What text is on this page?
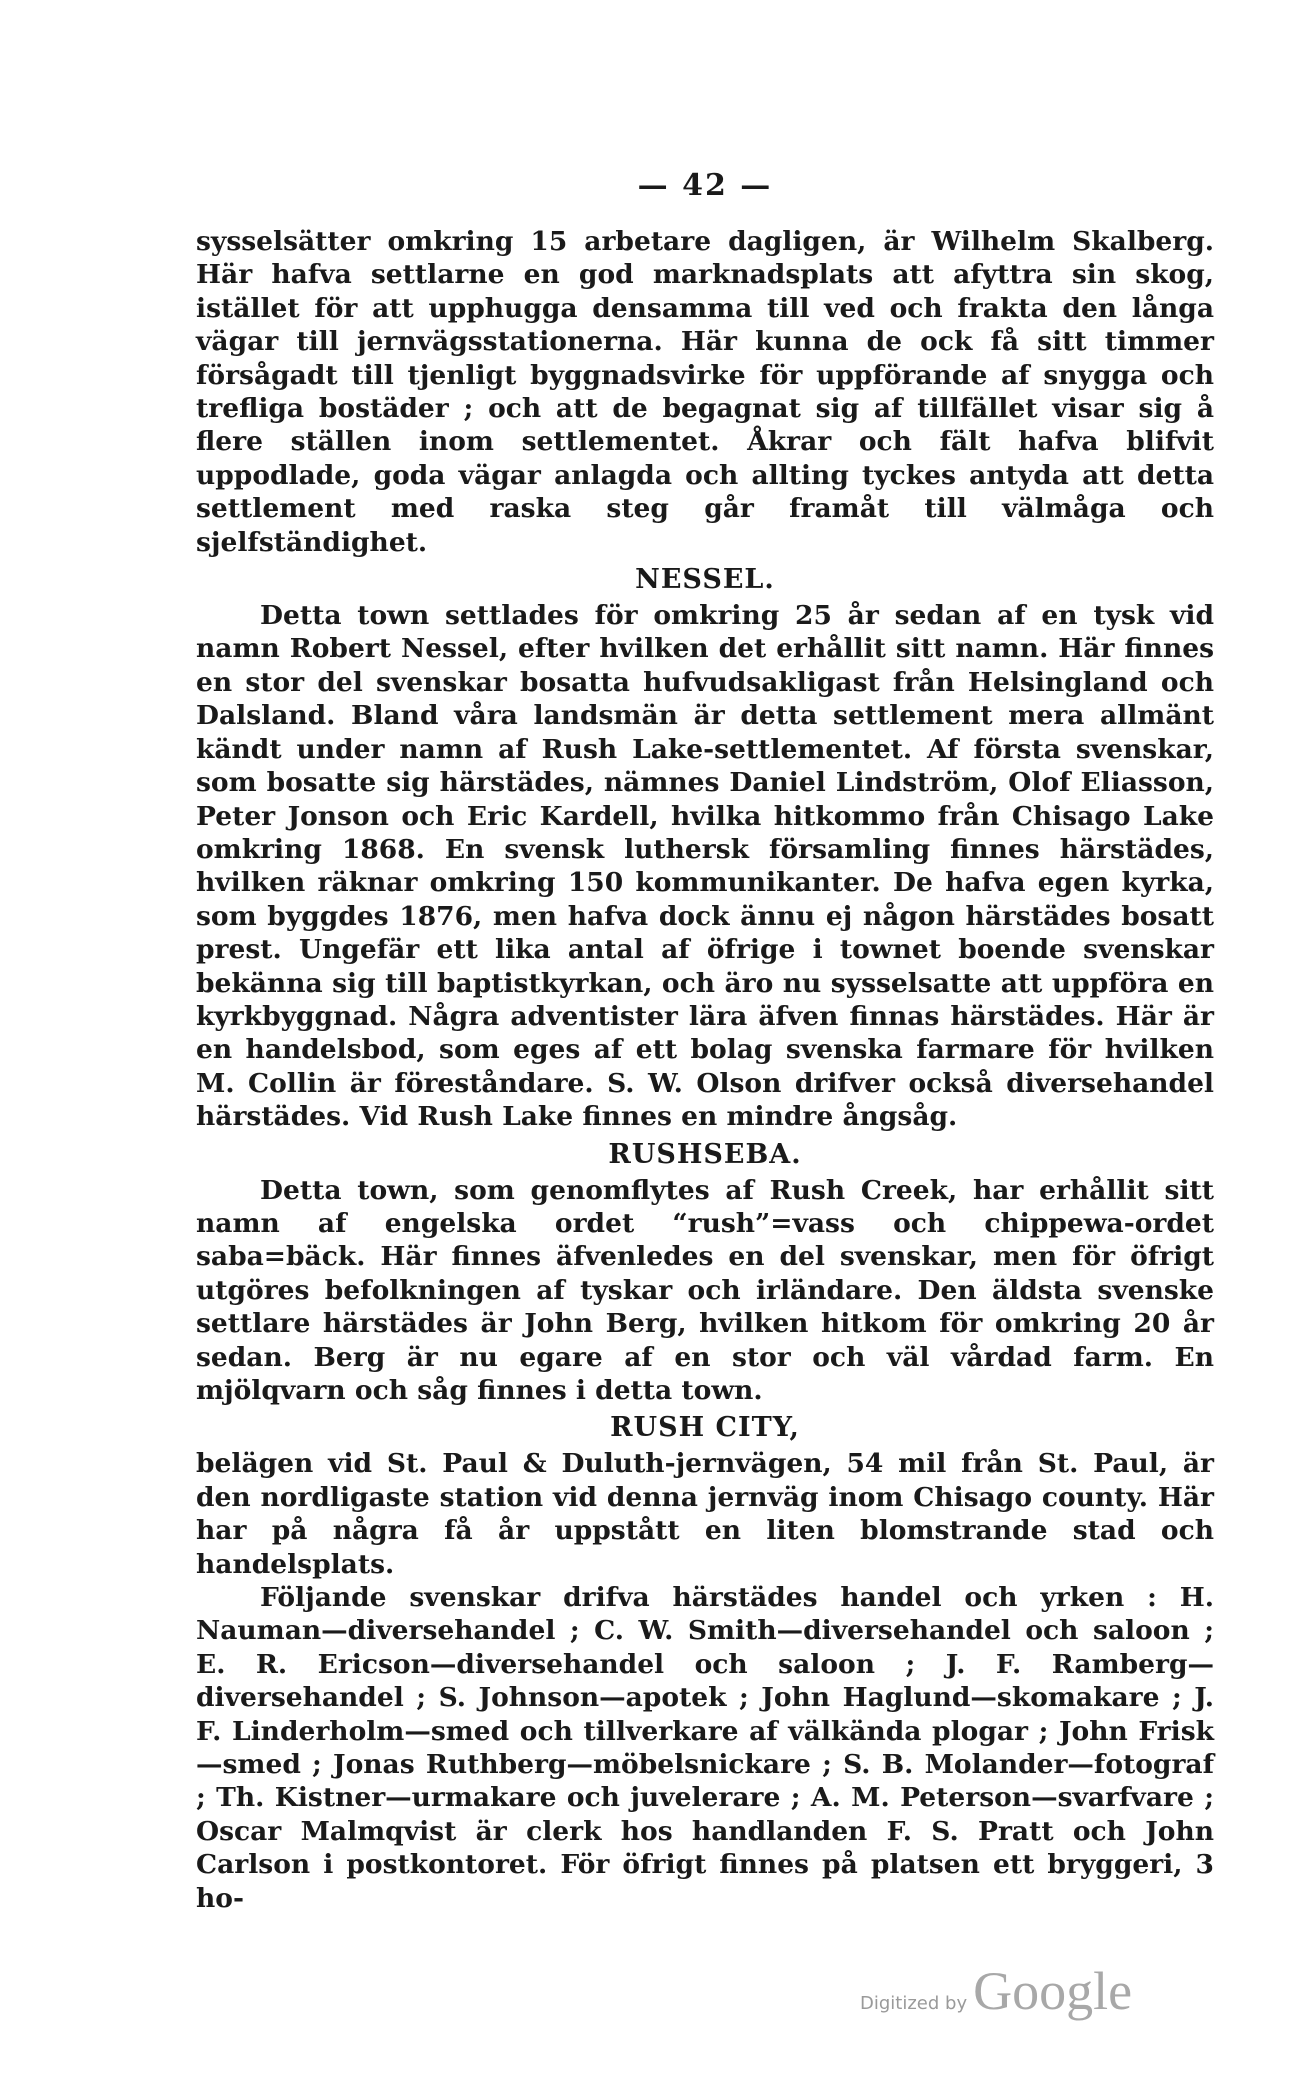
— 42 —

sysselsätter omkring 15 arbetare dagligen, är Wilhelm Skalberg. Här hafva settlarne en god marknadsplats att afyttra sin skog, istället för att upphugga densamma till ved och frakta den långa vägar till jernvägsstationerna. Här kunna de ock få sitt timmer försågadt till tjenligt byggnadsvirke för uppförande af snygga och trefliga bostäder ; och att de begagnat sig af tillfället visar sig å flere ställen inom settlementet. Åkrar och fält hafva blifvit uppodlade, goda vägar anlagda och allting tyckes antyda att detta settlement med raska steg går framåt till välmåga och sjelfständighet.

NESSEL.

Detta town settlades för omkring 25 år sedan af en tysk vid namn Robert Nessel, efter hvilken det erhållit sitt namn. Här finnes en stor del svenskar bosatta hufvudsakligast från Helsingland och Dalsland. Bland våra landsmän är detta settlement mera allmänt kändt under namn af Rush Lake-settlementet. Af första svenskar, som bosatte sig härstädes, nämnes Daniel Lindström, Olof Eliasson, Peter Jonson och Eric Kardell, hvilka hitkommo från Chisago Lake omkring 1868. En svensk luthersk församling finnes härstädes, hvilken räknar omkring 150 kommunikanter. De hafva egen kyrka, som byggdes 1876, men hafva dock ännu ej någon härstädes bosatt prest. Ungefär ett lika antal af öfrige i townet boende svenskar bekänna sig till baptistkyrkan, och äro nu sysselsatte att uppföra en kyrkbyggnad. Några adventister lära äfven finnas härstädes. Här är en handelsbod, som eges af ett bolag svenska farmare för hvilken M. Collin är föreståndare. S. W. Olson drifver också diversehandel härstädes. Vid Rush Lake finnes en mindre ångsåg.

RUSHSEBA.

Detta town, som genomflytes af Rush Creek, har erhållit sitt namn af engelska ordet “rush”=vass och chippewa-ordet saba=bäck. Här finnes äfvenledes en del svenskar, men för öfrigt utgöres befolkningen af tyskar och irländare. Den äldsta svenske settlare härstädes är John Berg, hvilken hitkom för omkring 20 år sedan. Berg är nu egare af en stor och väl vårdad farm. En mjölqvarn och såg finnes i detta town.

RUSH CITY,

belägen vid St. Paul & Duluth-jernvägen, 54 mil från St. Paul, är den nordligaste station vid denna jernväg inom Chisago county. Här har på några få år uppstått en liten blomstrande stad och handelsplats.

Följande svenskar drifva härstädes handel och yrken : H. Nauman—diversehandel ; C. W. Smith—diversehandel och saloon ; E. R. Ericson—diversehandel och saloon ; J. F. Ramberg—diversehandel ; S. Johnson—apotek ; John Haglund—skomakare ; J. F. Linderholm—smed och tillverkare af välkända plogar ; John Frisk—smed ; Jonas Ruthberg—möbelsnickare ; S. B. Molander—fotograf ; Th. Kistner—urmakare och juvelerare ; A. M. Peterson—svarfvare ; Oscar Malmqvist är clerk hos handlanden F. S. Pratt och John Carlson i postkontoret. För öfrigt finnes på platsen ett bryggeri, 3 ho-

Digitized by Google
